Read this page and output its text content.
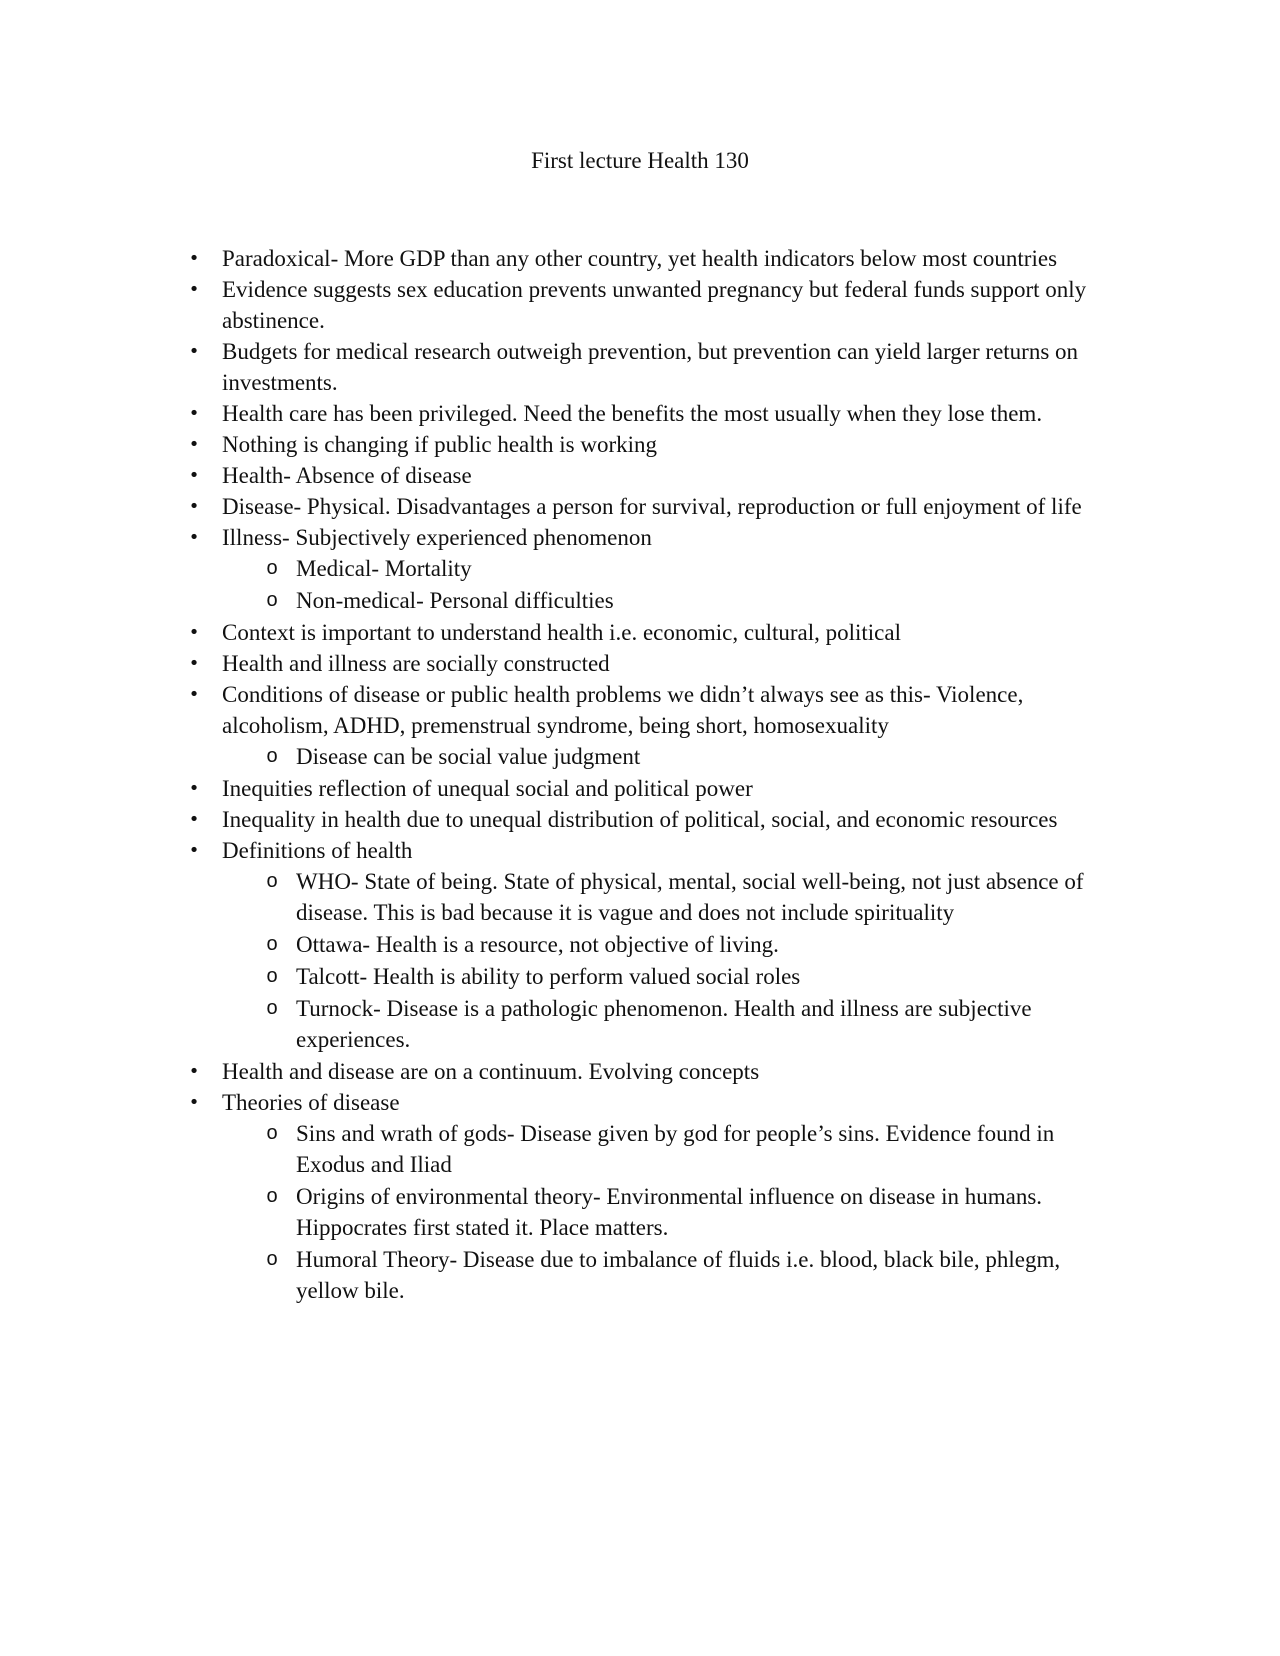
First lecture Health 130
• Paradoxical- More GDP than any other country, yet health indicators below most countries
• Evidence suggests sex education prevents unwanted pregnancy but federal funds support only abstinence.
• Budgets for medical research outweigh prevention, but prevention can yield larger returns on investments.
• Health care has been privileged. Need the benefits the most usually when they lose them.
• Nothing is changing if public health is working
• Health- Absence of disease
• Disease- Physical. Disadvantages a person for survival, reproduction or full enjoyment of life
• Illness- Subjectively experienced phenomenon
o Medical- Mortality
o Non-medical- Personal difficulties
• Context is important to understand health i.e. economic, cultural, political
• Health and illness are socially constructed
• Conditions of disease or public health problems we didn’t always see as this- Violence, alcoholism, ADHD, premenstrual syndrome, being short, homosexuality
o Disease can be social value judgment
• Inequities reflection of unequal social and political power
• Inequality in health due to unequal distribution of political, social, and economic resources
• Definitions of health
o WHO- State of being. State of physical, mental, social well-being, not just absence of disease. This is bad because it is vague and does not include spirituality
o Ottawa- Health is a resource, not objective of living.
o Talcott- Health is ability to perform valued social roles
o Turnock- Disease is a pathologic phenomenon. Health and illness are subjective experiences.
• Health and disease are on a continuum. Evolving concepts
• Theories of disease
o Sins and wrath of gods- Disease given by god for people’s sins. Evidence found in Exodus and Iliad
o Origins of environmental theory- Environmental influence on disease in humans. Hippocrates first stated it. Place matters.
o Humoral Theory- Disease due to imbalance of fluids i.e. blood, black bile, phlegm, yellow bile.
